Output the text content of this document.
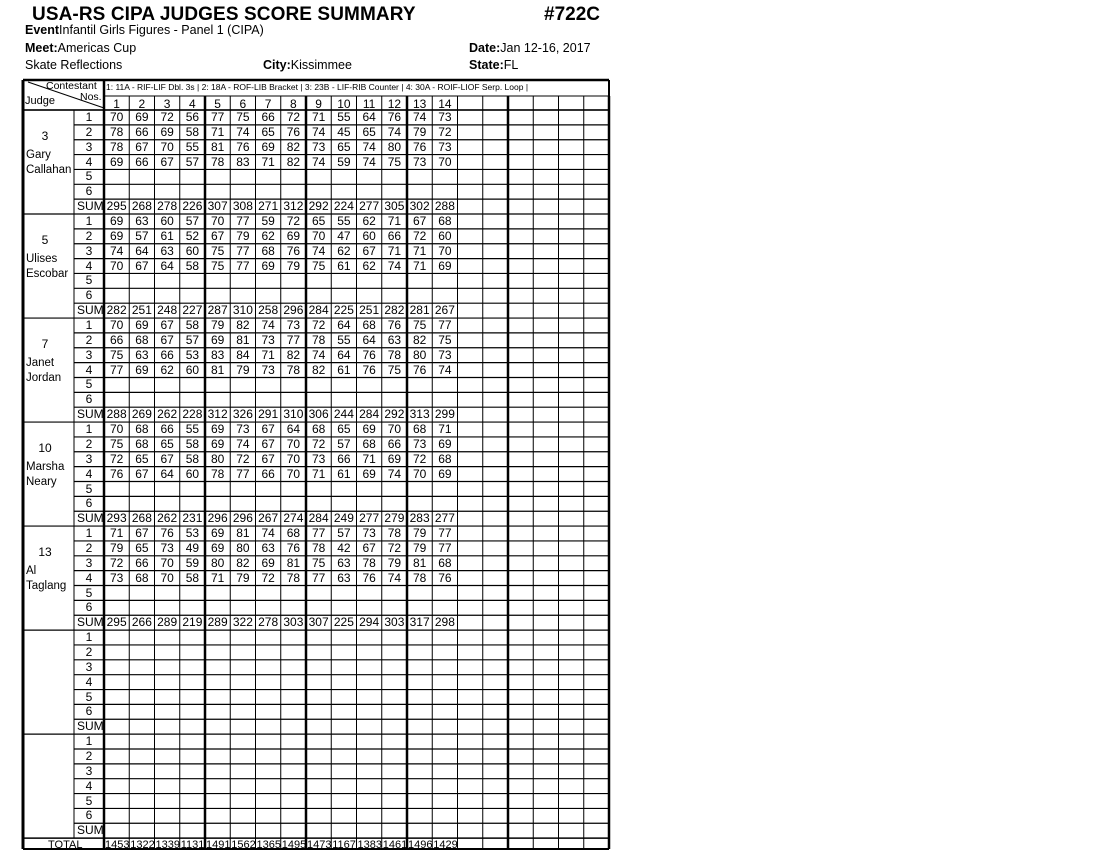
USA-RS CIPA JUDGES SCORE SUMMARY	#722C
EventInfantil Girls Figures - Panel 1 (CIPA)
Meet:Americas Cup	Date:Jan 12-16, 2017
Skate Reflections	City:Kissimmee	State:FL
Contestant
Nos.
Judge
1: 11A - RIF-LIF Dbl. 3s | 2: 18A - ROF-LIB Bracket | 3: 23B - LIF-RIB Counter | 4: 30A - ROIF-LIOF Serp. Loop |
1	2	3	4	5	6	7	8	9	10	11	12 13 14
3
Gary
Callahan
1	70 69 72 56 77 75 66 72 71 55 64 76 74 73
2	78 66 69 58 71 74 65 76 74 45 65 74 79 72
3	78 67 70 55 81 76 69 82 73 65 74 80 76 73
4	69 66 67 57 78 83 71 82 74 59 74 75 73 70
5
6
SUM 295 268 278 226 307 308 271 312 292 224 277 305 302 288
5
Ulises
Escobar
1	69 63 60 57 70 77 59 72 65 55 62 71 67 68
2	69 57 61 52 67 79 62 69 70 47 60 66 72 60
3	74 64 63 60 75 77 68 76 74 62 67 71 71 70
4	70 67 64 58 75 77 69 79 75 61 62 74 71 69
5
6
SUM 282 251 248 227 287 310 258 296 284 225 251 282 281 267
7
Janet
Jordan
1	70 69 67 58 79 82 74 73 72 64 68 76 75 77
2	66 68 67 57 69 81 73 77 78 55 64 63 82 75
3	75 63 66 53 83 84 71 82 74 64 76 78 80 73
4	77 69 62 60 81 79 73 78 82 61 76 75 76 74
5
6
SUM 288 269 262 228 312 326 291 310 306 244 284 292 313 299
10
Marsha
Neary
1	70 68 66 55 69 73 67 64 68 65 69 70 68 71
2	75 68 65 58 69 74 67 70 72 57 68 66 73 69
3	72 65 67 58 80 72 67 70 73 66 71 69 72 68
4	76 67 64 60 78 77 66 70 71 61 69 74 70 69
5
6
SUM 293 268 262 231 296 296 267 274 284 249 277 279 283 277
13
Al
Taglang
1	71 67 76 53 69 81 74 68 77 57 73 78 79 77
2	79 65 73 49 69 80 63 76 78 42 67 72 79 77
3	72 66 70 59 80 82 69 81 75 63 78 79 81 68
4	73 68 70 58 71 79 72 78 77 63 76 74 78 76
5
6
SUM 295 266 289 219 289 322 278 303 307 225 294 303 317 298
1
2
3
4
5
6
SUM
1
2
3
4
5
6
SUM
1453 1322 1339 1131 1491 1562 1365 1495 1473 1167 1383 1461 1496 1429
TOTAL
